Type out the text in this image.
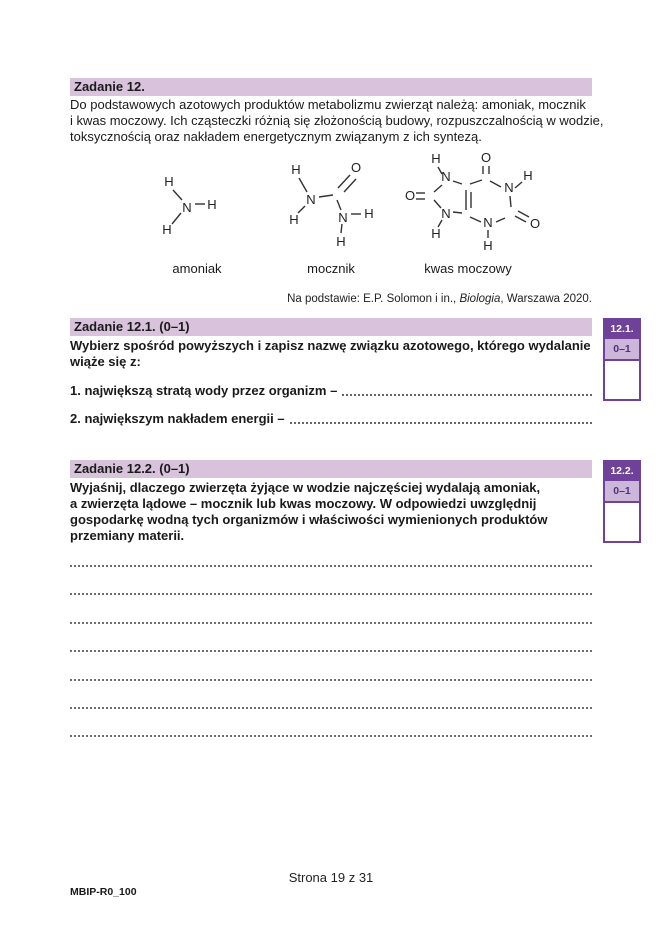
Zadanie 12.
Do podstawowych azotowych produktów metabolizmu zwierząt należą: amoniak, mocznik
i kwas moczowy. Ich cząsteczki różnią się złożonością budowy, rozpuszczalnością w wodzie,
toksycznością oraz nakładem energetycznym związanym z ich syntezą.
H
N H
H
H
N
H
O
N H
H
O
N
H
O
N
H
N
H
O
N
H
amoniak	mocznik	kwas moczowy
Na podstawie: E.P. Solomon i in., Biologia, Warszawa 2020.
Zadanie 12.1. (0–1)	12.1.
0–1
Wybierz spośród powyższych i zapisz nazwę związku azotowego, którego wydalanie
wiąże się z:
1. największą stratą wody przez organizm –
2. największym nakładem energii –
Zadanie 12.2. (0–1)	12.2.
0–1
Wyjaśnij, dlaczego zwierzęta żyjące w wodzie najczęściej wydalają amoniak,
a zwierzęta lądowe – mocznik lub kwas moczowy. W odpowiedzi uwzględnij
gospodarkę wodną tych organizmów i właściwości wymienionych produktów
przemiany materii.
Strona 19 z 31
MBIP-R0_100
